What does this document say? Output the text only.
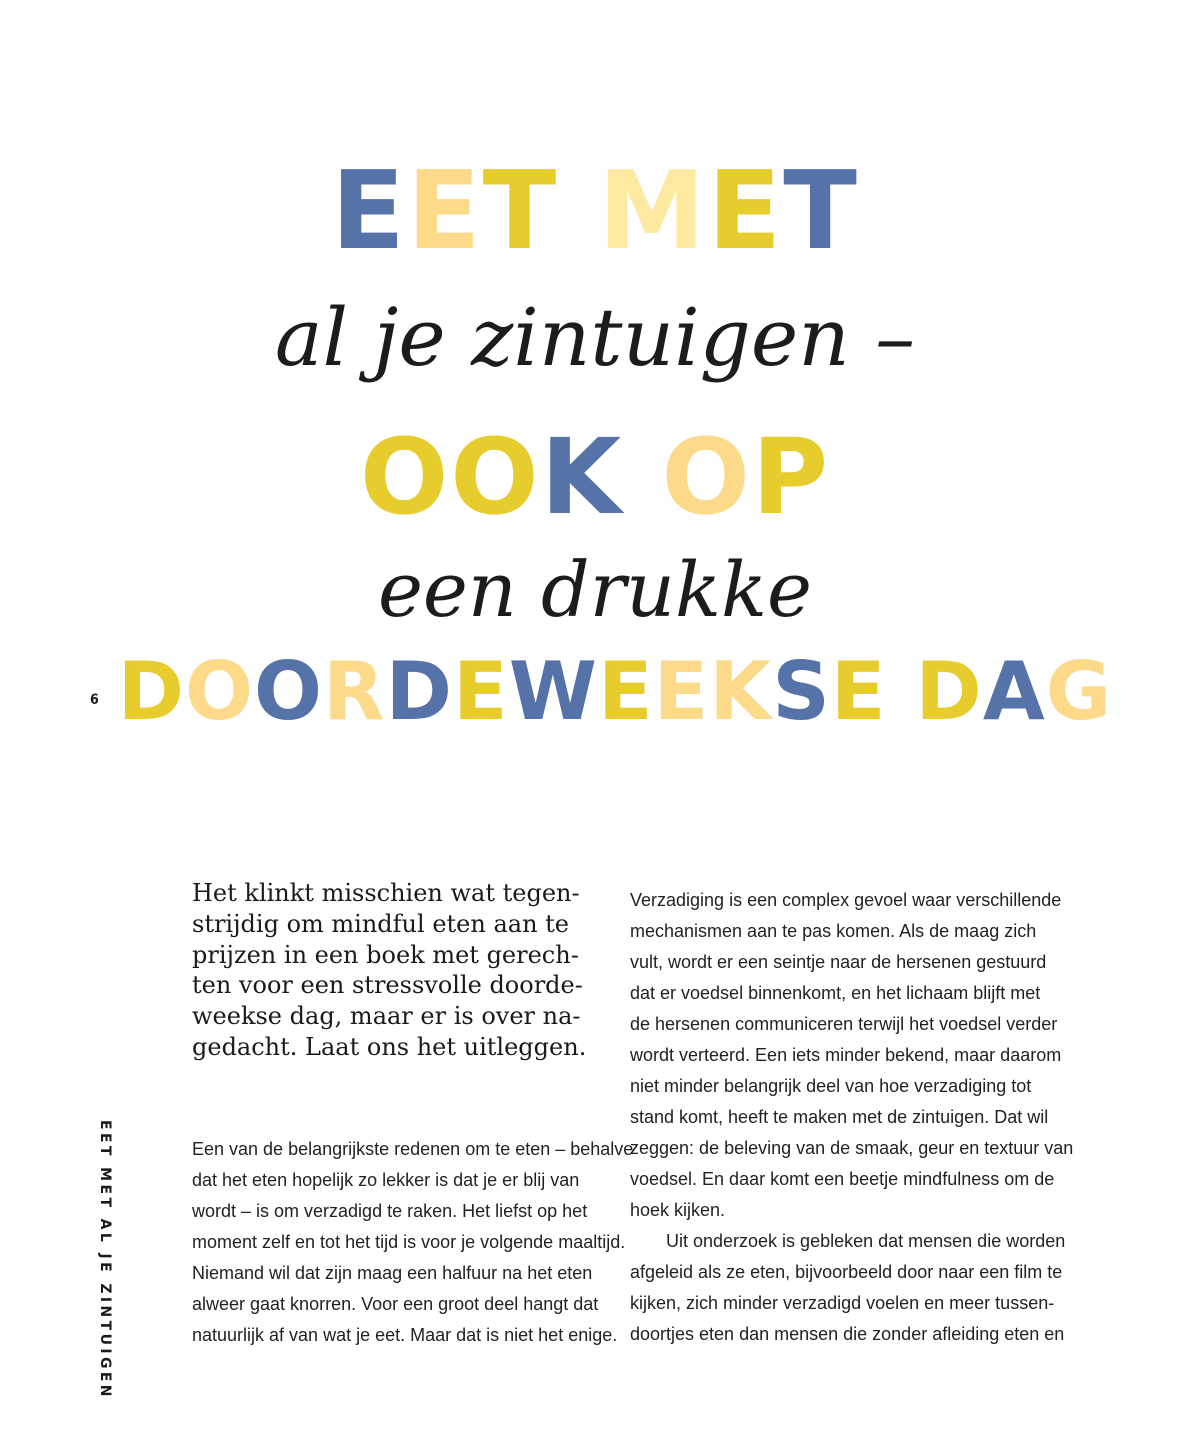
EET MET
al je zintuigen –
OOK OP
een drukke
DOORDEWEEKSE DAG
6
EET MET AL JE ZINTUIGEN

Het klinkt misschien wat tegen-
strijdig om mindful eten aan te
prijzen in een boek met gerech-
ten voor een stressvolle doorde-
weekse dag, maar er is over na-
gedacht. Laat ons het uitleggen.

Een van de belangrijkste redenen om te eten – behalve
dat het eten hopelijk zo lekker is dat je er blij van
wordt – is om verzadigd te raken. Het liefst op het
moment zelf en tot het tijd is voor je volgende maaltijd.
Niemand wil dat zijn maag een halfuur na het eten
alweer gaat knorren. Voor een groot deel hangt dat
natuurlijk af van wat je eet. Maar dat is niet het enige.

Verzadiging is een complex gevoel waar verschillende
mechanismen aan te pas komen. Als de maag zich
vult, wordt er een seintje naar de hersenen gestuurd
dat er voedsel binnenkomt, en het lichaam blijft met
de hersenen communiceren terwijl het voedsel verder
wordt verteerd. Een iets minder bekend, maar daarom
niet minder belangrijk deel van hoe verzadiging tot
stand komt, heeft te maken met de zintuigen. Dat wil
zeggen: de beleving van de smaak, geur en textuur van
voedsel. En daar komt een beetje mindfulness om de
hoek kijken.
  Uit onderzoek is gebleken dat mensen die worden
afgeleid als ze eten, bijvoorbeeld door naar een film te
kijken, zich minder verzadigd voelen en meer tussen-
doortjes eten dan mensen die zonder afleiding eten en
